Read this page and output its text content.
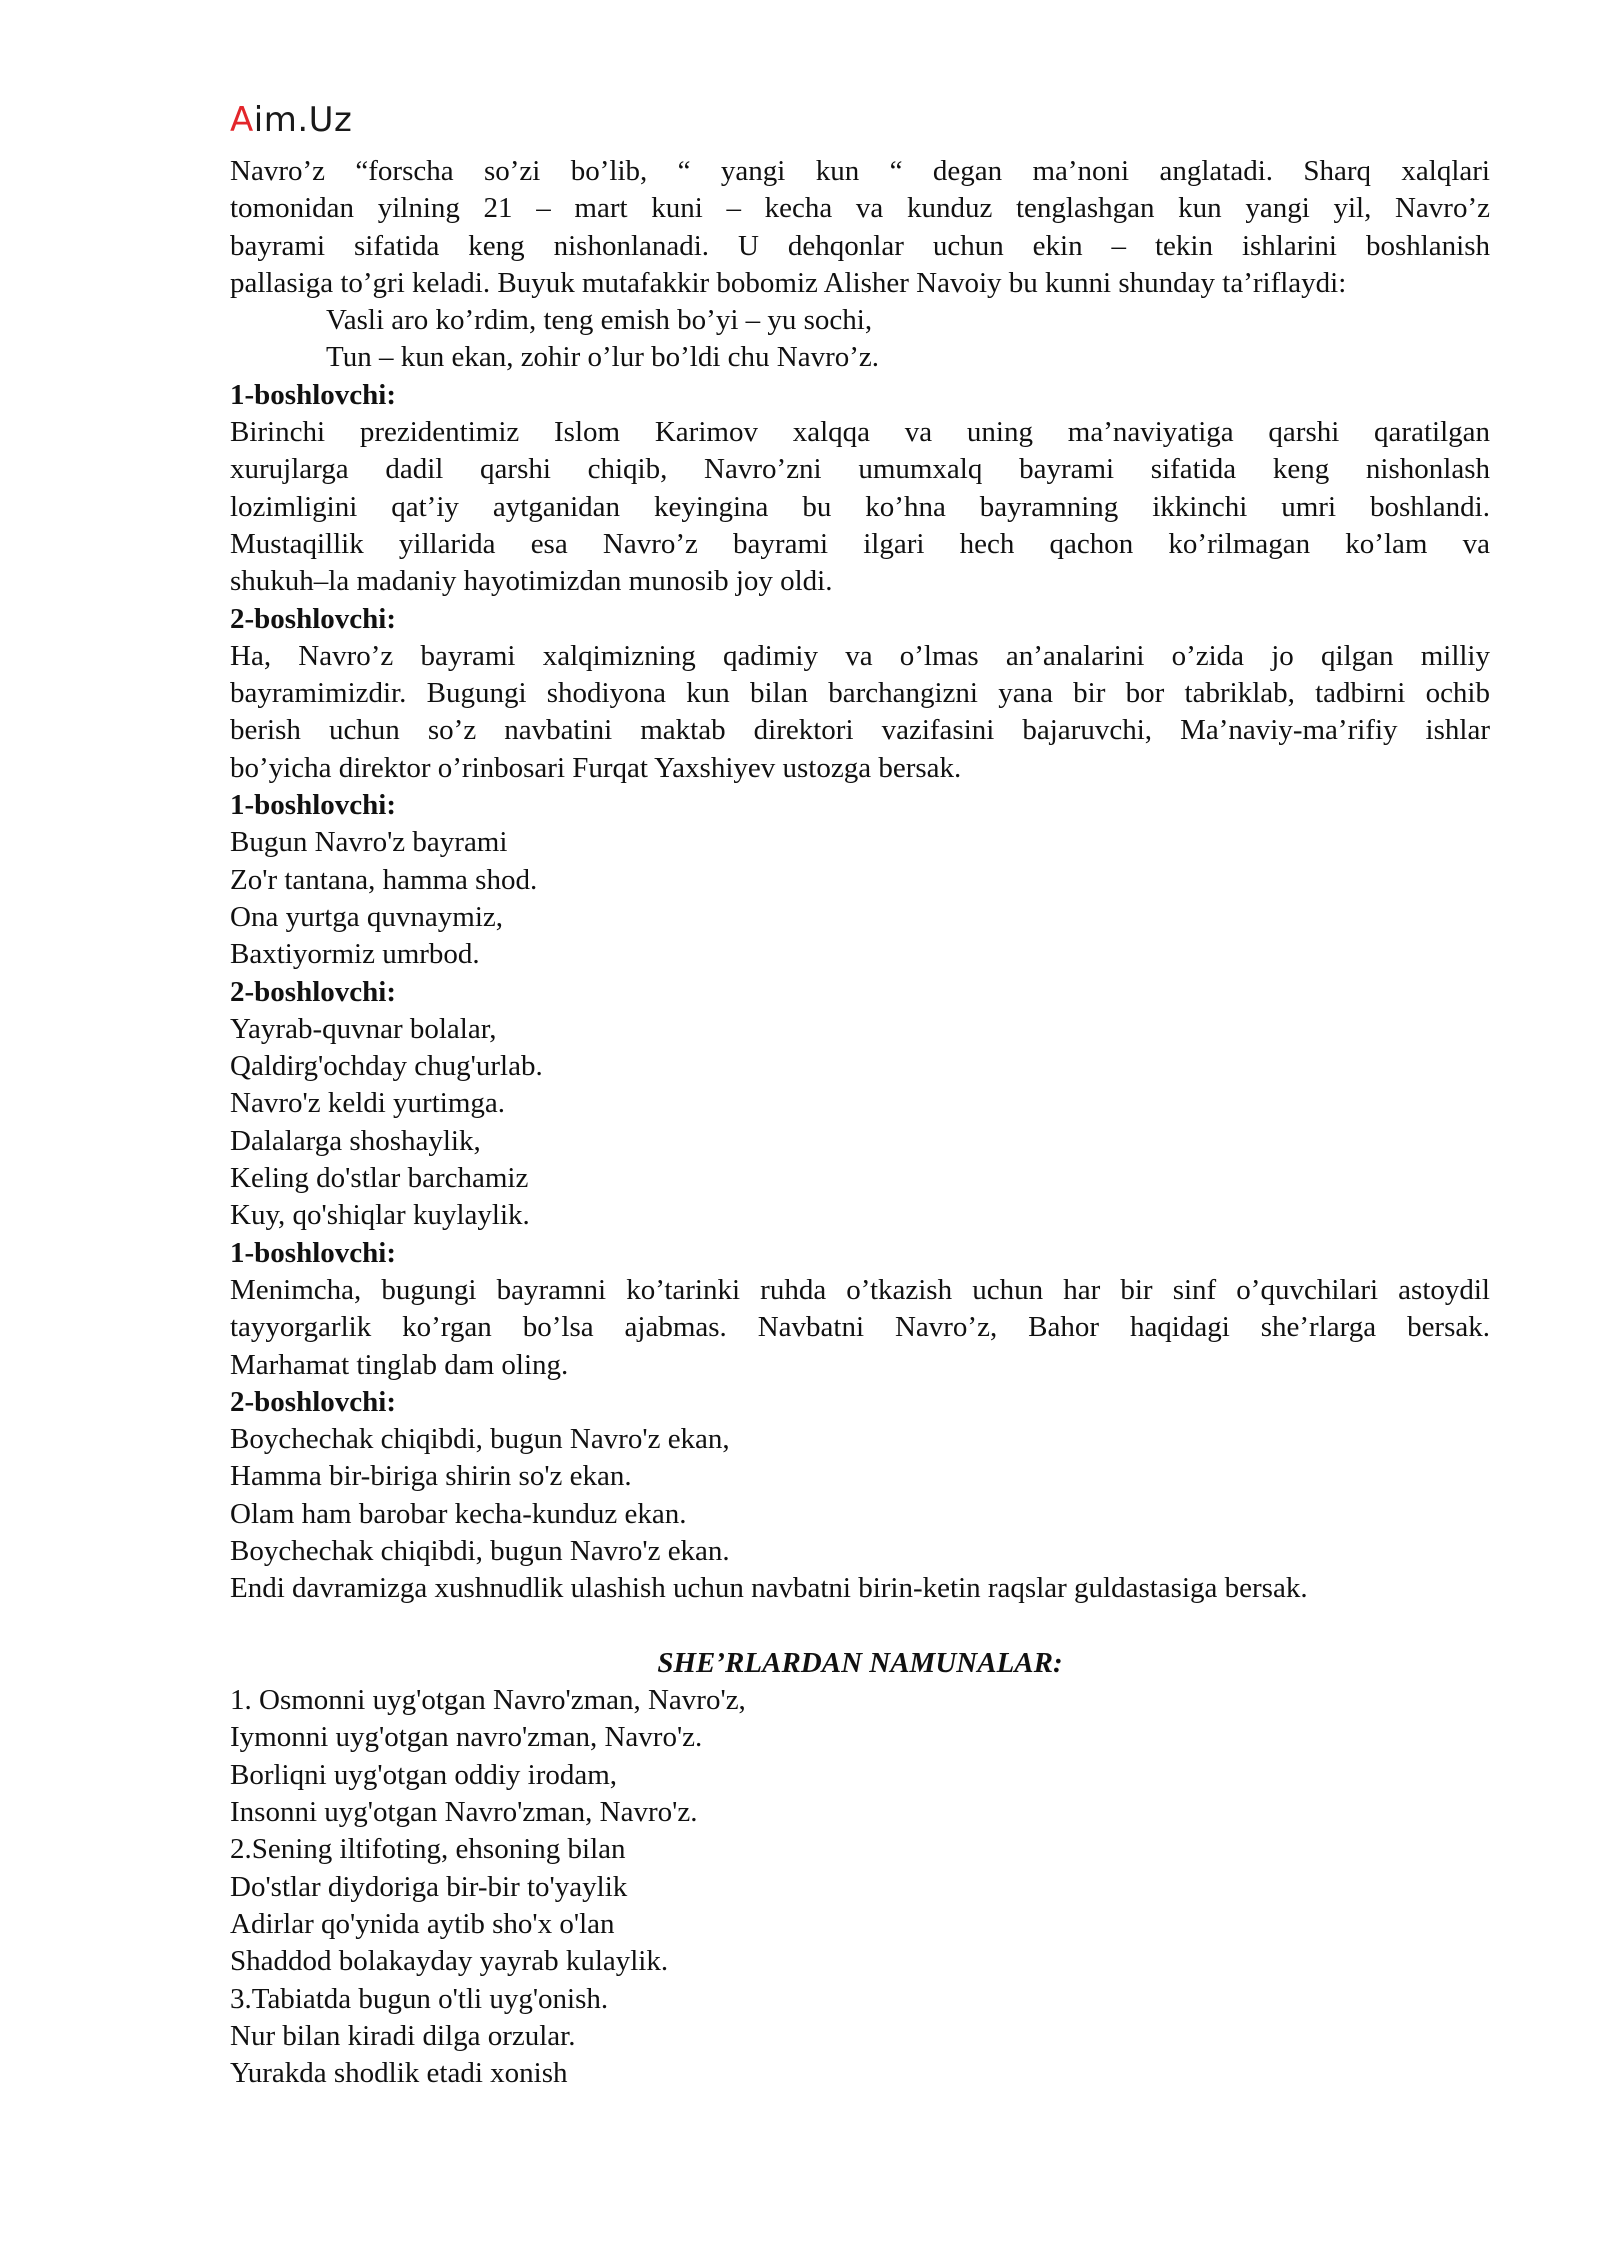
Aim.Uz

Navro’z “forscha so’zi bo’lib, “ yangi kun “ degan ma’noni anglatadi. Sharq xalqlari

tomonidan yilning 21 – mart kuni – kecha va kunduz tenglashgan kun yangi yil, Navro’z

bayrami sifatida keng nishonlanadi. U dehqonlar uchun ekin – tekin ishlarini boshlanish

pallasiga to’gri keladi. Buyuk mutafakkir bobomiz Alisher Navoiy bu kunni shunday ta’riflaydi:

Vasli aro ko’rdim, teng emish bo’yi – yu sochi,

Tun – kun ekan, zohir o’lur bo’ldi chu Navro’z.

1-boshlovchi:

Birinchi prezidentimiz Islom Karimov xalqqa va uning ma’naviyatiga qarshi qaratilgan

xurujlarga dadil qarshi chiqib, Navro’zni umumxalq bayrami sifatida keng nishonlash

lozimligini qat’iy aytganidan keyingina bu ko’hna bayramning ikkinchi umri boshlandi.

Mustaqillik yillarida esa Navro’z bayrami ilgari hech qachon ko’rilmagan ko’lam va

shukuh–la madaniy hayotimizdan munosib joy oldi.

2-boshlovchi:

Ha, Navro’z bayrami xalqimizning qadimiy va o’lmas an’analarini o’zida jo qilgan milliy

bayramimizdir. Bugungi shodiyona kun bilan barchangizni yana bir bor tabriklab, tadbirni ochib

berish uchun so’z navbatini maktab direktori vazifasini bajaruvchi, Ma’naviy-ma’rifiy ishlar

bo’yicha direktor o’rinbosari Furqat Yaxshiyev ustozga bersak.

1-boshlovchi:

Bugun Navro'z bayrami

Zo'r tantana, hamma shod.

Ona yurtga quvnaymiz,

Baxtiyormiz umrbod.

2-boshlovchi:

Yayrab-quvnar bolalar,

Qaldirg'ochday chug'urlab.

Navro'z keldi yurtimga.

Dalalarga shoshaylik,

Keling do'stlar barchamiz

Kuy, qo'shiqlar kuylaylik.

1-boshlovchi:

Menimcha, bugungi bayramni ko’tarinki ruhda o’tkazish uchun har bir sinf o’quvchilari astoydil

tayyorgarlik ko’rgan bo’lsa ajabmas. Navbatni Navro’z, Bahor haqidagi she’rlarga bersak.

Marhamat tinglab dam oling.

2-boshlovchi:

Boychechak chiqibdi, bugun Navro'z ekan,

Hamma bir-biriga shirin so'z ekan.

Olam ham barobar kecha-kunduz ekan.

Boychechak chiqibdi, bugun Navro'z ekan.

Endi davramizga xushnudlik ulashish uchun navbatni birin-ketin raqslar guldastasiga bersak.

SHE’RLARDAN NAMUNALAR:

1. Osmonni uyg'otgan Navro'zman, Navro'z,

Iymonni uyg'otgan navro'zman, Navro'z.

Borliqni uyg'otgan oddiy irodam,

Insonni uyg'otgan Navro'zman, Navro'z.

2.Sening iltifoting, ehsoning bilan

Do'stlar diydoriga bir-bir to'yaylik

Adirlar qo'ynida aytib sho'x o'lan

Shaddod bolakayday yayrab kulaylik.

3.Tabiatda bugun o'tli uyg'onish.

Nur bilan kiradi dilga orzular.

Yurakda shodlik etadi xonish
